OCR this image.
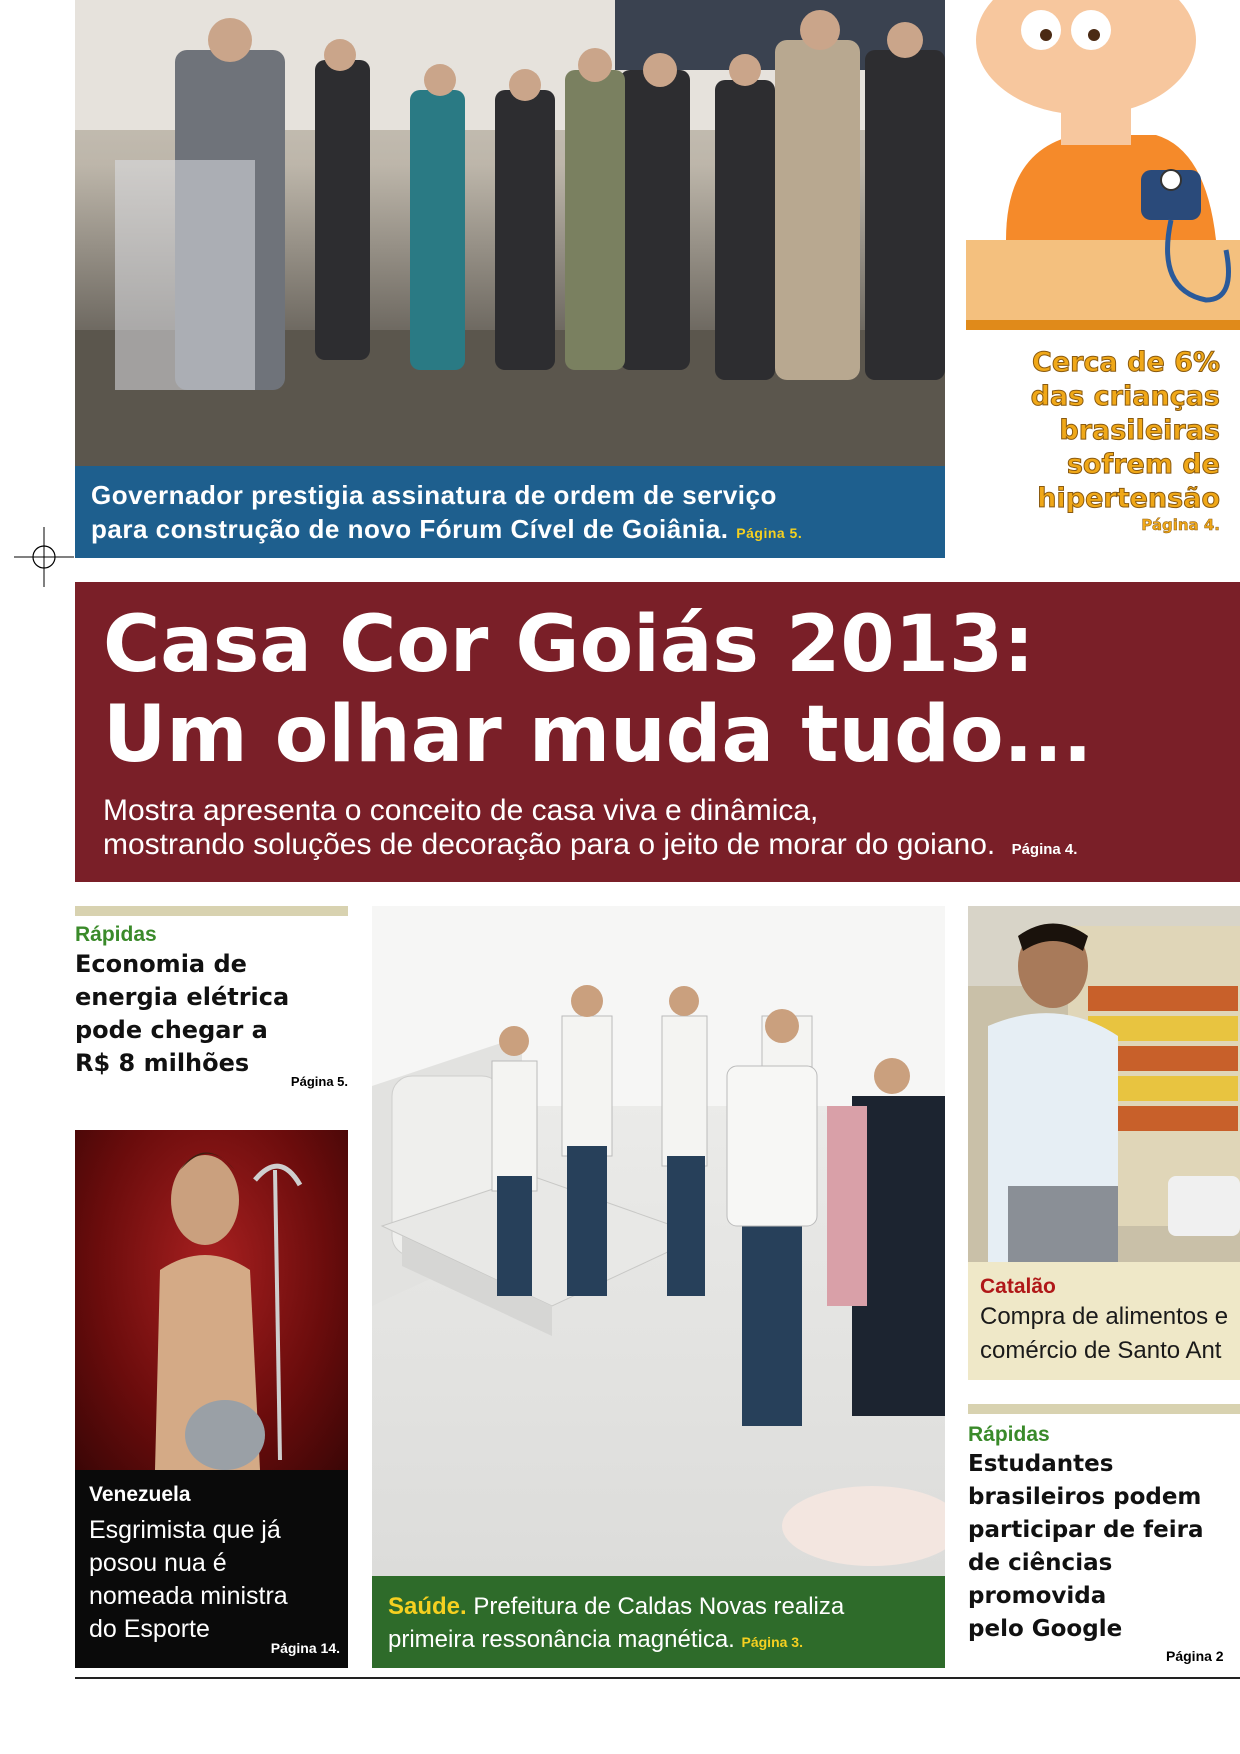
Governador prestigia assinatura de ordem de serviço
para construção de novo Fórum Cível de Goiânia. Página 5.
Cerca de 6%
das crianças
brasileiras
sofrem de
hipertensão
Página 4.
Casa Cor Goiás 2013:
Um olhar muda tudo...
Mostra apresenta o conceito de casa viva e dinâmica,
mostrando soluções de decoração para o jeito de morar do goiano. Página 4.
Rápidas
Economia de
energia elétrica
pode chegar a
R$ 8 milhões
Página 5.
Venezuela
Esgrimista que já
posou nua é
nomeada ministra
do Esporte
Página 14.
Saúde. Prefeitura de Caldas Novas realiza
primeira ressonância magnética. Página 3.
Catalão
Compra de alimentos e
comércio de Santo Ant
Rápidas
Estudantes
brasileiros podem
participar de feira
de ciências
promovida
pelo Google
Página 2
